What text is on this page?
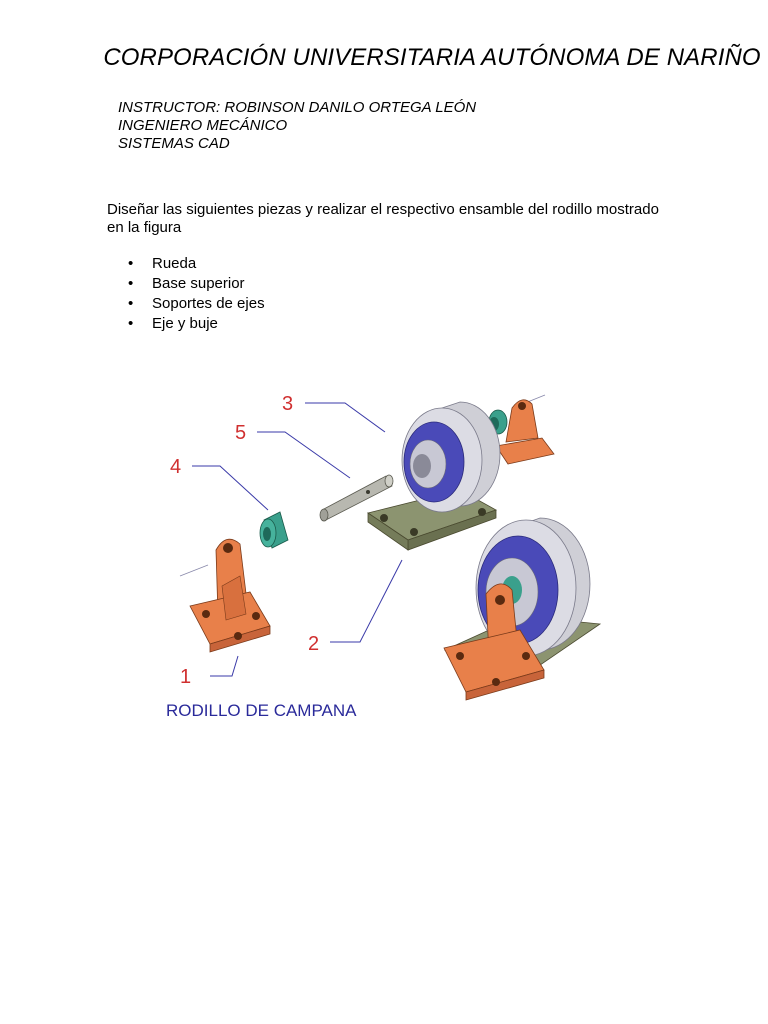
CORPORACIÓN UNIVERSITARIA AUTÓNOMA DE NARIÑO
INSTRUCTOR: ROBINSON DANILO ORTEGA LEÓN
INGENIERO MECÁNICO
SISTEMAS CAD
Diseñar las siguientes piezas y realizar el respectivo ensamble del rodillo mostrado en la figura
• Rueda
• Base superior
• Soportes de ejes
• Eje y buje
3
5
4
2
1
RODILLO DE CAMPANA
